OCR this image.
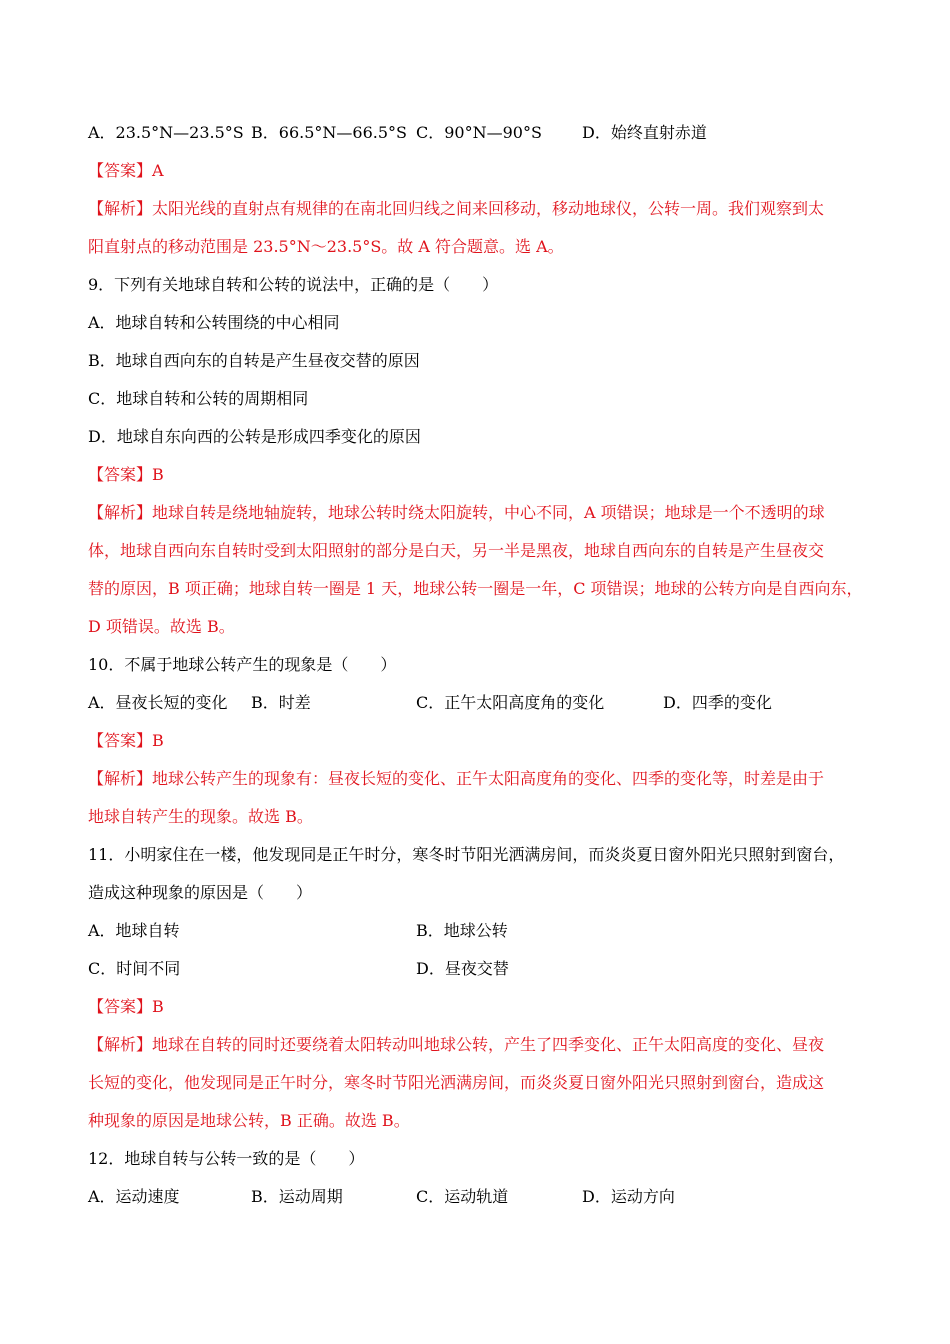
A．23.5°N—23.5°S B．66.5°N—66.5°S C．90°N—90°S	D．始终直射赤道
【答案】A
【解析】太阳光线的直射点有规律的在南北回归线之间来回移动，移动地球仪，公转一周。我们观察到太
阳直射点的移动范围是 23.5°N～23.5°S。故 A 符合题意。选 A。
9．下列有关地球自转和公转的说法中，正确的是（　　）
A．地球自转和公转围绕的中心相同
B．地球自西向东的自转是产生昼夜交替的原因
C．地球自转和公转的周期相同
D．地球自东向西的公转是形成四季变化的原因
【答案】B
【解析】地球自转是绕地轴旋转，地球公转时绕太阳旋转，中心不同，A 项错误；地球是一个不透明的球
体，地球自西向东自转时受到太阳照射的部分是白天，另一半是黑夜，地球自西向东的自转是产生昼夜交
替的原因，B 项正确；地球自转一圈是 1 天，地球公转一圈是一年，C 项错误；地球的公转方向是自西向东，
D 项错误。故选 B。
10．不属于地球公转产生的现象是（　　）
A．昼夜长短的变化 B．时差	C．正午太阳高度角的变化	D．四季的变化
【答案】B
【解析】地球公转产生的现象有：昼夜长短的变化、正午太阳高度角的变化、四季的变化等，时差是由于
地球自转产生的现象。故选 B。
11．小明家住在一楼，他发现同是正午时分，寒冬时节阳光洒满房间，而炎炎夏日窗外阳光只照射到窗台，
造成这种现象的原因是（　　）
A．地球自转	B．地球公转
C．时间不同	D．昼夜交替
【答案】B
【解析】地球在自转的同时还要绕着太阳转动叫地球公转，产生了四季变化、正午太阳高度的变化、昼夜
长短的变化，他发现同是正午时分，寒冬时节阳光洒满房间，而炎炎夏日窗外阳光只照射到窗台，造成这
种现象的原因是地球公转，B 正确。故选 B。
12．地球自转与公转一致的是（　　）
A．运动速度	B．运动周期	C．运动轨道	D．运动方向
